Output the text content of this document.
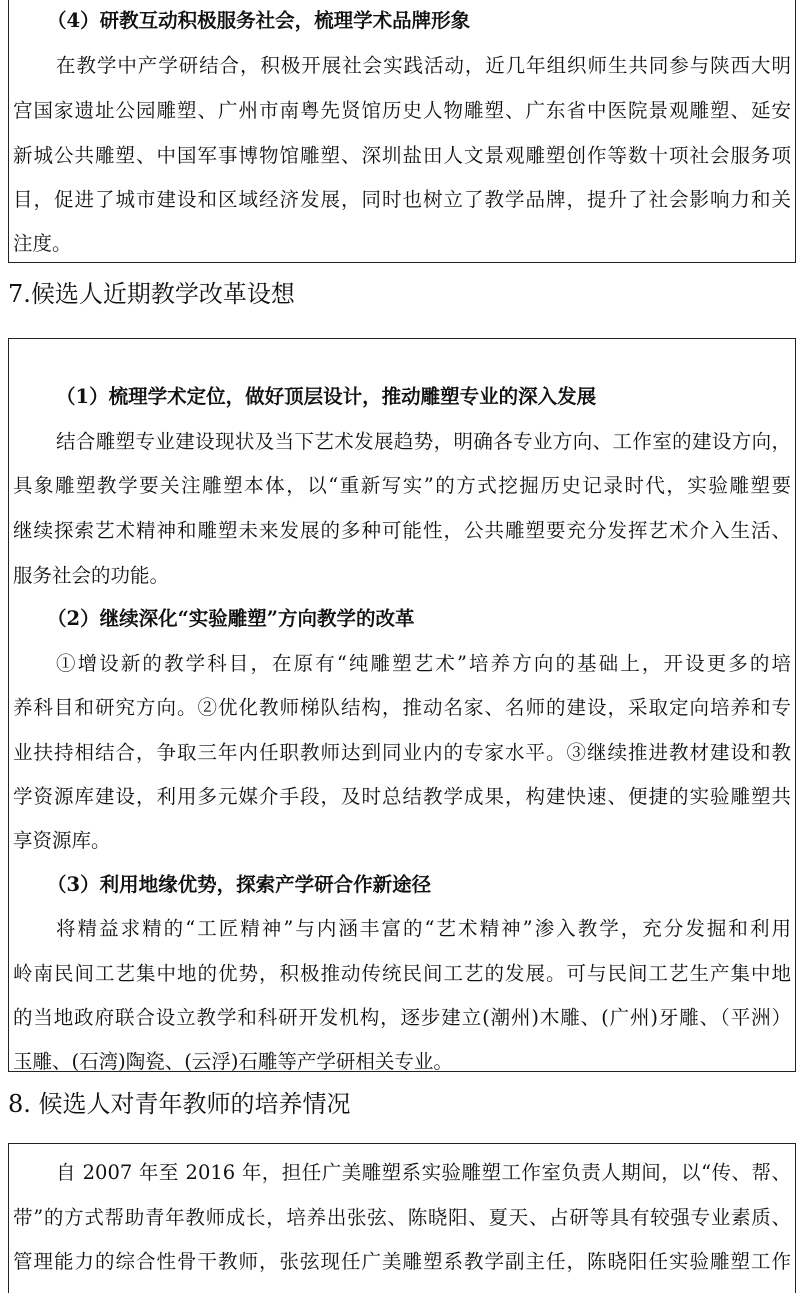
（4）研教互动积极服务社会，梳理学术品牌形象
在教学中产学研结合，积极开展社会实践活动，近几年组织师生共同参与陕西大明
宫国家遗址公园雕塑、广州市南粤先贤馆历史人物雕塑、广东省中医院景观雕塑、延安
新城公共雕塑、中国军事博物馆雕塑、深圳盐田人文景观雕塑创作等数十项社会服务项
目，促进了城市建设和区域经济发展，同时也树立了教学品牌，提升了社会影响力和关
注度。
7.候选人近期教学改革设想
（1）梳理学术定位，做好顶层设计，推动雕塑专业的深入发展
结合雕塑专业建设现状及当下艺术发展趋势，明确各专业方向、工作室的建设方向，
具象雕塑教学要关注雕塑本体，以“重新写实”的方式挖掘历史记录时代，实验雕塑要
继续探索艺术精神和雕塑未来发展的多种可能性，公共雕塑要充分发挥艺术介入生活、
服务社会的功能。
（2）继续深化“实验雕塑”方向教学的改革
①增设新的教学科目，在原有“纯雕塑艺术”培养方向的基础上，开设更多的培
养科目和研究方向。②优化教师梯队结构，推动名家、名师的建设，采取定向培养和专
业扶持相结合，争取三年内任职教师达到同业内的专家水平。③继续推进教材建设和教
学资源库建设，利用多元媒介手段，及时总结教学成果，构建快速、便捷的实验雕塑共
享资源库。
（3）利用地缘优势，探索产学研合作新途径
将精益求精的“工匠精神”与内涵丰富的“艺术精神”渗入教学，充分发掘和利用
岭南民间工艺集中地的优势，积极推动传统民间工艺的发展。可与民间工艺生产集中地
的当地政府联合设立教学和科研开发机构，逐步建立(潮州)木雕、(广州)牙雕、（平洲）
玉雕、(石湾)陶瓷、(云浮)石雕等产学研相关专业。
8. 候选人对青年教师的培养情况
自 2007 年至 2016 年，担任广美雕塑系实验雕塑工作室负责人期间，以“传、帮、
带”的方式帮助青年教师成长，培养出张弦、陈晓阳、夏天、占研等具有较强专业素质、
管理能力的综合性骨干教师，张弦现任广美雕塑系教学副主任，陈晓阳任实验雕塑工作
